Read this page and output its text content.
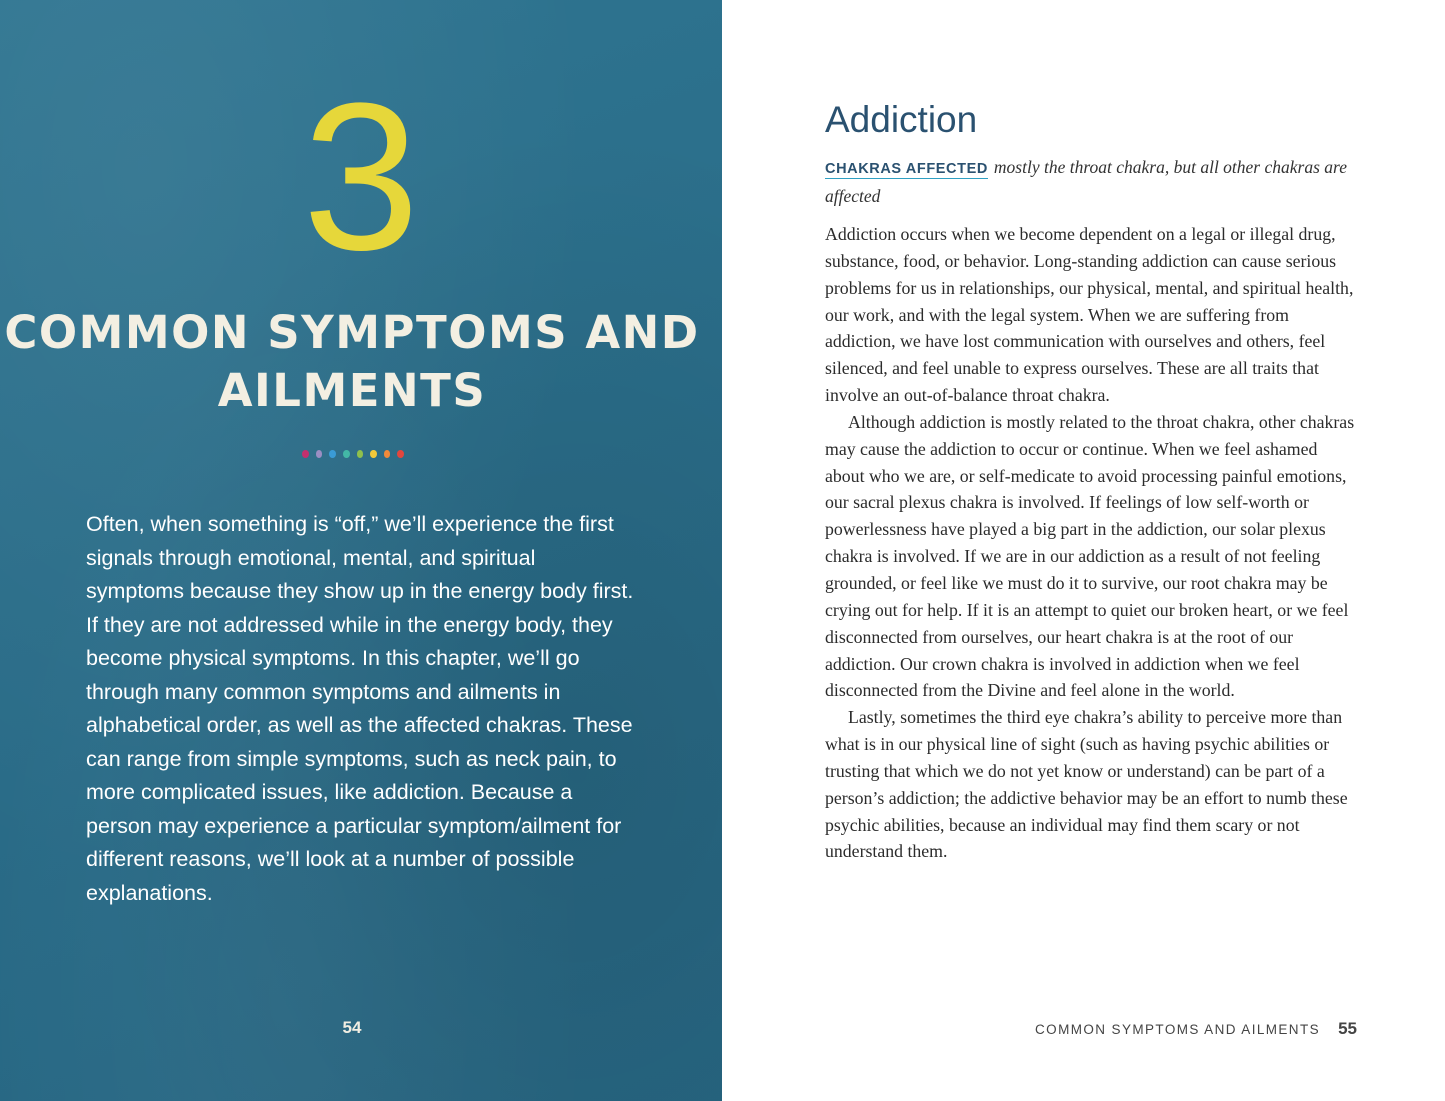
3
COMMON SYMPTOMS AND AILMENTS

Often, when something is “off,” we’ll experience the first signals through emotional, mental, and spiritual symptoms because they show up in the energy body first. If they are not addressed while in the energy body, they become physical symptoms. In this chapter, we’ll go through many common symptoms and ailments in alphabetical order, as well as the affected chakras. These can range from simple symptoms, such as neck pain, to more complicated issues, like addiction. Because a person may experience a particular symptom/ailment for different reasons, we’ll look at a number of possible explanations.

54
Addiction

CHAKRAS AFFECTED mostly the throat chakra, but all other chakras are affected

Addiction occurs when we become dependent on a legal or illegal drug, substance, food, or behavior. Long-standing addiction can cause serious problems for us in relationships, our physical, mental, and spiritual health, our work, and with the legal system. When we are suffering from addiction, we have lost communication with ourselves and others, feel silenced, and feel unable to express ourselves. These are all traits that involve an out-of-balance throat chakra.

Although addiction is mostly related to the throat chakra, other chakras may cause the addiction to occur or continue. When we feel ashamed about who we are, or self-medicate to avoid processing painful emotions, our sacral plexus chakra is involved. If feelings of low self-worth or powerlessness have played a big part in the addiction, our solar plexus chakra is involved. If we are in our addiction as a result of not feeling grounded, or feel like we must do it to survive, our root chakra may be crying out for help. If it is an attempt to quiet our broken heart, or we feel disconnected from ourselves, our heart chakra is at the root of our addiction. Our crown chakra is involved in addiction when we feel disconnected from the Divine and feel alone in the world.

Lastly, sometimes the third eye chakra’s ability to perceive more than what is in our physical line of sight (such as having psychic abilities or trusting that which we do not yet know or understand) can be part of a person’s addiction; the addictive behavior may be an effort to numb these psychic abilities, because an individual may find them scary or not understand them.

COMMON SYMPTOMS AND AILMENTS 55
